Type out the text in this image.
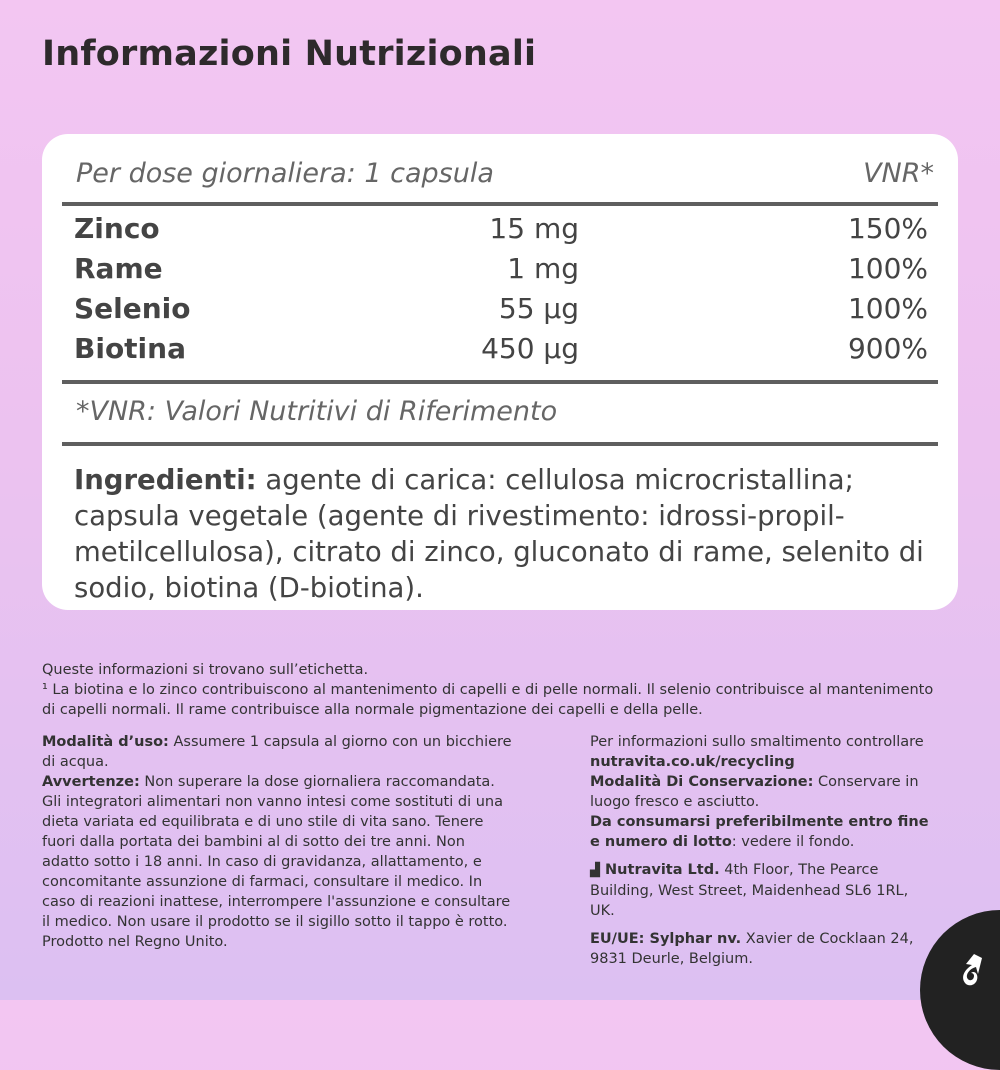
Informazioni Nutrizionali
Per dose giornaliera: 1 capsula	VNR*
Zinco	15 mg	150%
Rame	1 mg	100%
Selenio	55 µg	100%
Biotina	450 µg	900%
*VNR: Valori Nutritivi di Riferimento
Ingredienti: agente di carica: cellulosa microcristallina; capsula vegetale (agente di rivestimento: idrossi-propil-metilcellulosa), citrato di zinco, gluconato di rame, selenito di sodio, biotina (D-biotina).

Queste informazioni si trovano sull’etichetta.

¹ La biotina e lo zinco contribuiscono al mantenimento di capelli e di pelle normali. Il selenio contribuisce al mantenimento di capelli normali. Il rame contribuisce alla normale pigmentazione dei capelli e della pelle.

Modalità d’uso: Assumere 1 capsula al giorno con un bicchiere di acqua.

Avvertenze: Non superare la dose giornaliera raccomandata. Gli integratori alimentari non vanno intesi come sostituti di una dieta variata ed equilibrata e di uno stile di vita sano. Tenere fuori dalla portata dei bambini al di sotto dei tre anni. Non adatto sotto i 18 anni. In caso di gravidanza, allattamento, e concomitante assunzione di farmaci, consultare il medico. In caso di reazioni inattese, interrompere l'assunzione e consultare il medico. Non usare il prodotto se il sigillo sotto il tappo è rotto.

Prodotto nel Regno Unito.

Per informazioni sullo smaltimento controllare nutravita.co.uk/recycling

Modalità Di Conservazione: Conservare in luogo fresco e asciutto.

Da consumarsi preferibilmente entro fine e numero di lotto: vedere il fondo.

▟ Nutravita Ltd. 4th Floor, The Pearce Building, West Street, Maidenhead SL6 1RL, UK.

EU/UE: Sylphar nv. Xavier de Cocklaan 24, 9831 Deurle, Belgium.
